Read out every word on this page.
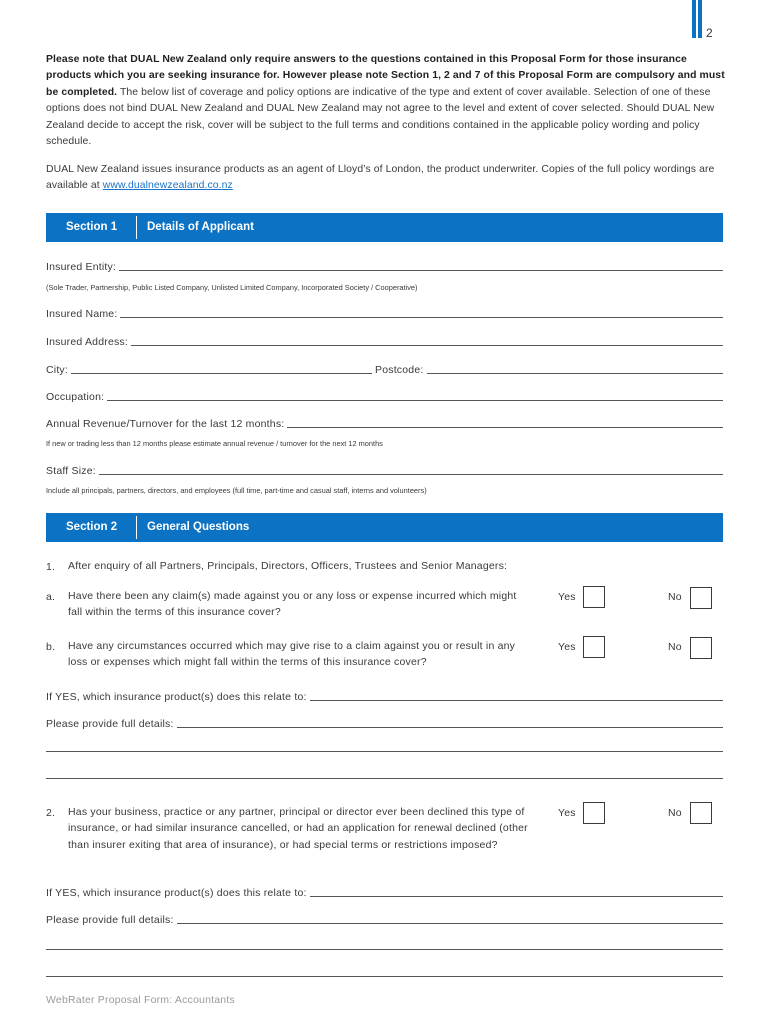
2

Please note that DUAL New Zealand only require answers to the questions contained in this Proposal Form for those insurance products which you are seeking insurance for. However please note Section 1, 2 and 7 of this Proposal Form are compulsory and must be completed. The below list of coverage and policy options are indicative of the type and extent of cover available. Selection of one of these options does not bind DUAL New Zealand and DUAL New Zealand may not agree to the level and extent of cover selected. Should DUAL New Zealand decide to accept the risk, cover will be subject to the full terms and conditions contained in the applicable policy wording and policy schedule.

DUAL New Zealand issues insurance products as an agent of Lloyd’s of London, the product underwriter. Copies of the full policy wordings are available at www.dualnewzealand.co.nz

Section 1	Details of Applicant
Insured Entity:
(Sole Trader, Partnership, Public Listed Company, Unlisted Limited Company, Incorporated Society / Cooperative)
Insured Name:
Insured Address:
City:	Postcode:
Occupation:
Annual Revenue/Turnover for the last 12 months:
If new or trading less than 12 months please estimate annual revenue / turnover for the next 12 months
Staff Size:
Include all principals, partners, directors, and employees (full time, part-time and casual staff, interns and volunteers)
Section 2	General Questions
1. After enquiry of all Partners, Principals, Directors, Officers, Trustees and Senior Managers:
a. Have there been any claim(s) made against you or any loss or expense incurred which might fall within the terms of this insurance cover?
Yes	No
b. Have any circumstances occurred which may give rise to a claim against you or result in any loss or expenses which might fall within the terms of this insurance cover?
Yes	No
If YES, which insurance product(s) does this relate to:
Please provide full details:
2. Has your business, practice or any partner, principal or director ever been declined this type of insurance, or had similar insurance cancelled, or had an application for renewal declined (other than insurer exiting that area of insurance), or had special terms or restrictions imposed?
Yes	No
If YES, which insurance product(s) does this relate to:
Please provide full details:
WebRater Proposal Form: Accountants
